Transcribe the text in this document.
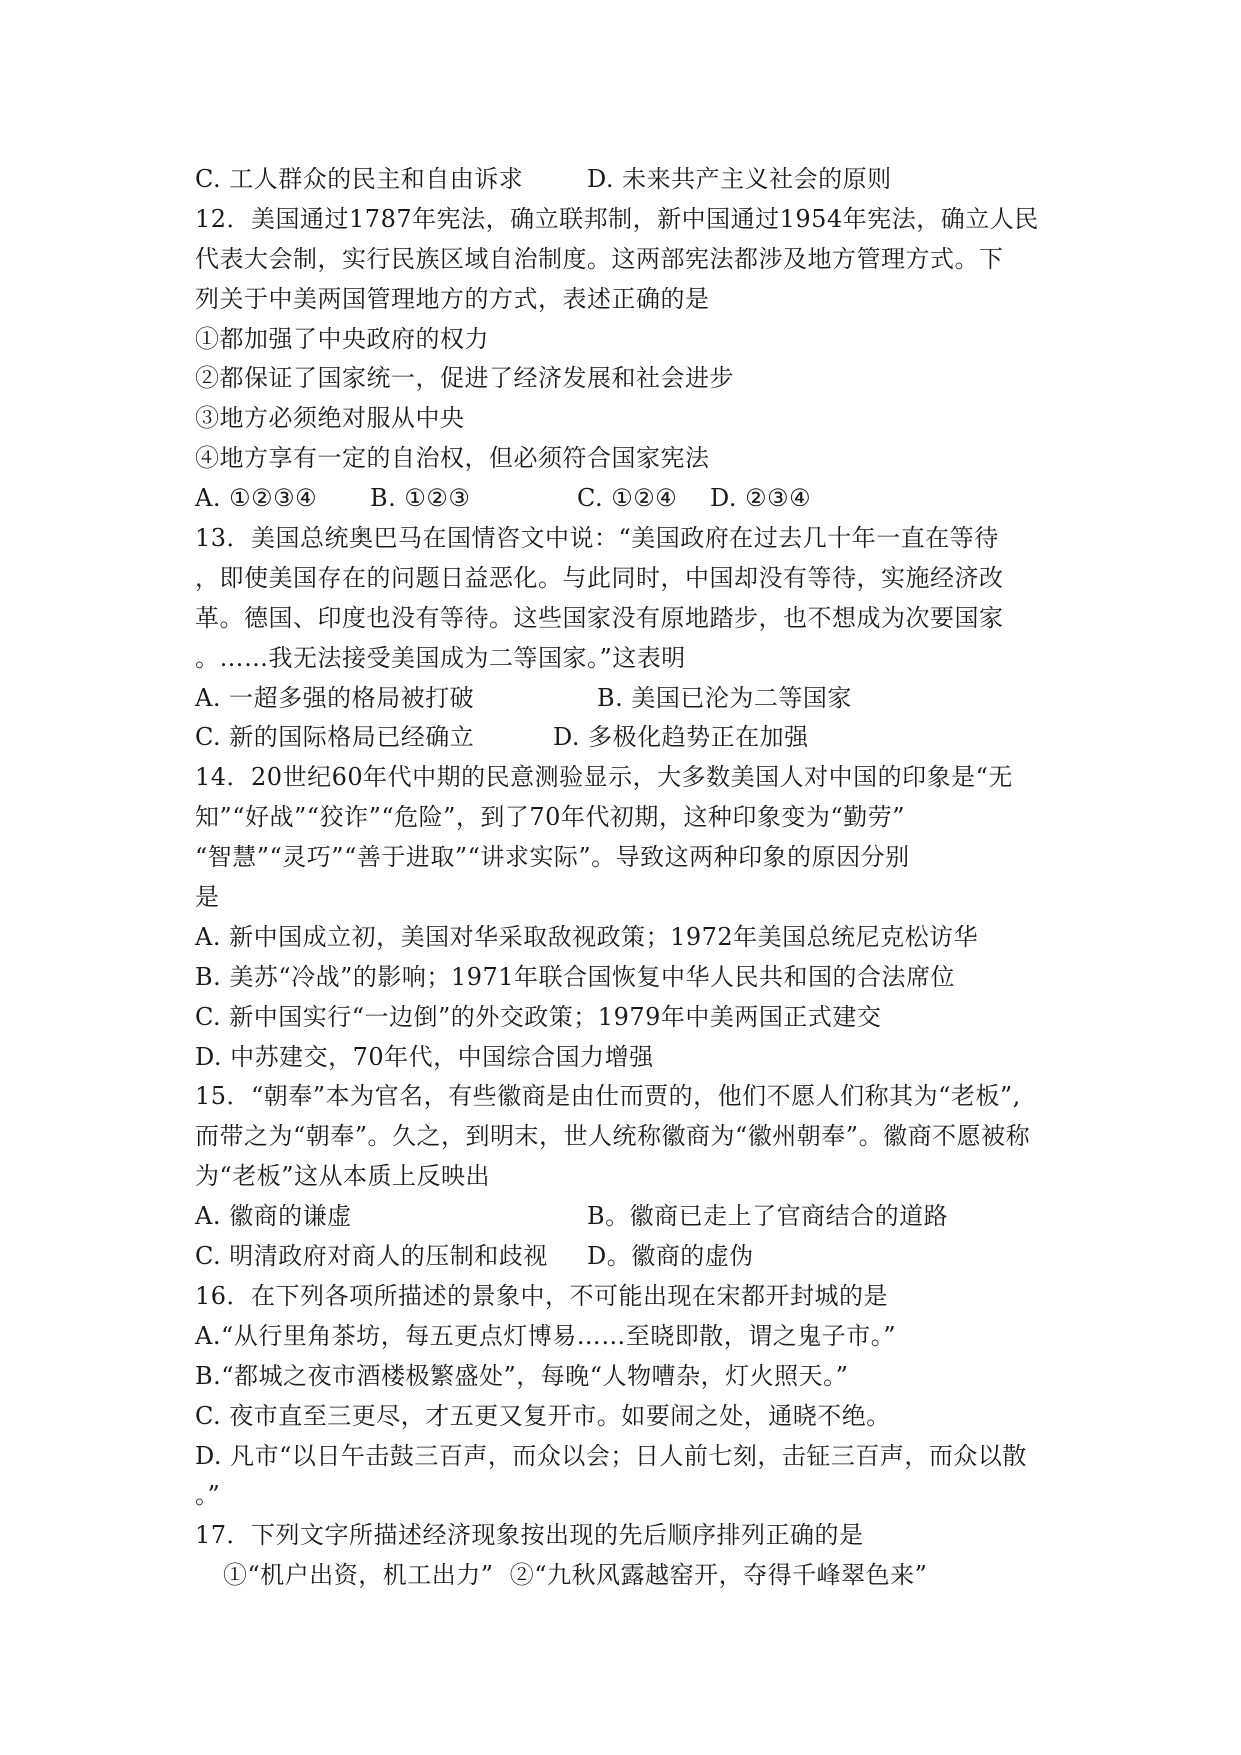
C. 工人群众的民主和自由诉求

	D. 未来共产主义社会的原则

12．美国通过1787年宪法，确立联邦制，新中国通过1954年宪法，确立人民
代表大会制，实行民族区域自治制度。这两部宪法都涉及地方管理方式。下
列关于中美两国管理地方的方式，表述正确的是
①都加强了中央政府的权力
②都保证了国家统一，促进了经济发展和社会进步
③地方必须绝对服从中央
④地方享有一定的自治权，但必须符合国家宪法

A. ①②③④

B. ①②③

	C. ①②④

D. ②③④

13．美国总统奥巴马在国情咨文中说：“美国政府在过去几十年一直在等待
，即使美国存在的问题日益恶化。与此同时，中国却没有等待，实施经济改
革。德国、印度也没有等待。这些国家没有原地踏步，也不想成为次要国家
。……我无法接受美国成为二等国家。”这表明

A. 一超多强的格局被打破

	B. 美国已沦为二等国家

C. 新的国际格局已经确立

	D. 多极化趋势正在加强

14．20世纪60年代中期的民意测验显示，大多数美国人对中国的印象是“无
知”“好战”“狡诈”“危险”，到了70年代初期，这种印象变为“勤劳”
“智慧”“灵巧”“善于进取”“讲求实际”。导致这两种印象的原因分别
是
A. 新中国成立初，美国对华采取敌视政策；1972年美国总统尼克松访华
B. 美苏“冷战”的影响；1971年联合国恢复中华人民共和国的合法席位
C. 新中国实行“一边倒”的外交政策；1979年中美两国正式建交
D. 中苏建交，70年代，中国综合国力增强
15．“朝奉”本为官名，有些徽商是由仕而贾的，他们不愿人们称其为“老板”,
而带之为“朝奉”。久之，到明末，世人统称徽商为“徽州朝奉”。徽商不愿被称
为“老板”这从本质上反映出

A. 徽商的谦虚

	B。徽商已走上了官商结合的道路

C. 明清政府对商人的压制和歧视

D。徽商的虚伪

16．在下列各项所描述的景象中，不可能出现在宋都开封城的是
A.“从行里角茶坊，每五更点灯博易……至晓即散，谓之鬼子市。”
B.“都城之夜市酒楼极繁盛处”，每晚“人物嘈杂，灯火照天。”
C. 夜市直至三更尽，才五更又复开市。如要闹之处，通晓不绝。
D. 凡市“以日午击鼓三百声，而众以会；日人前七刻，击钲三百声，而众以散
。”
17．下列文字所描述经济现象按出现的先后顺序排列正确的是
①“机户出资，机工出力”  ②“九秋风露越窑开，夺得千峰翠色来”
